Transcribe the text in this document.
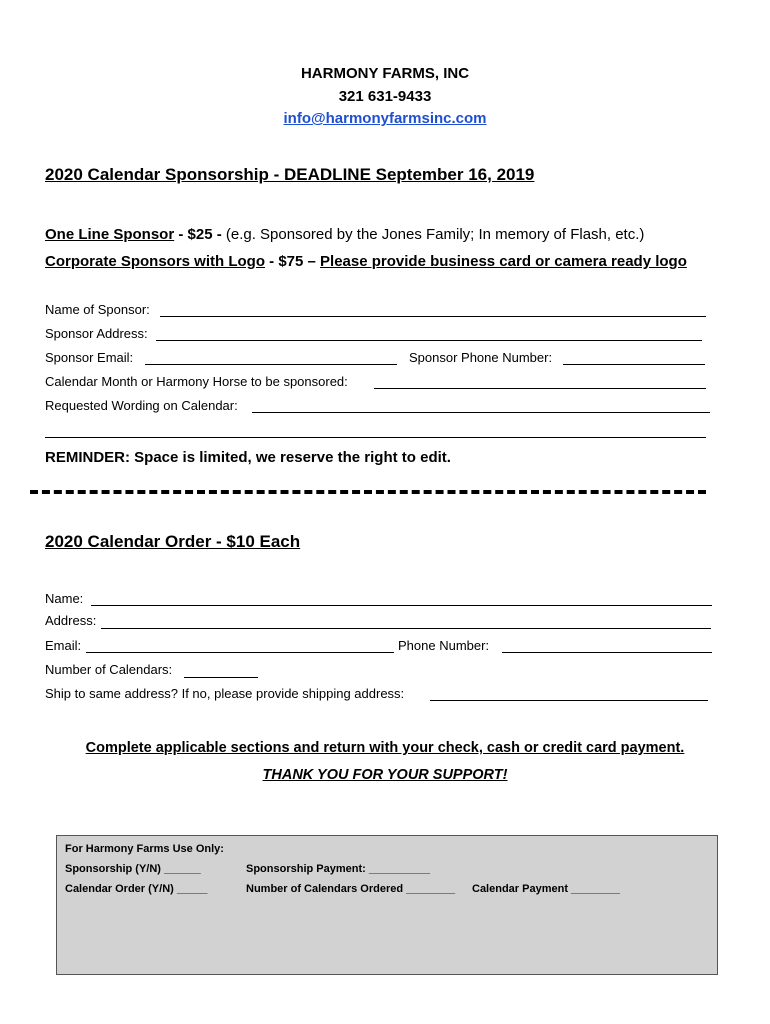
HARMONY FARMS, INC
321 631-9433
info@harmonyfarmsinc.com
2020 Calendar Sponsorship - DEADLINE September 16, 2019
One Line Sponsor - $25 - (e.g. Sponsored by the Jones Family; In memory of Flash, etc.)
Corporate Sponsors with Logo - $75 – Please provide business card or camera ready logo
Name of Sponsor:
Sponsor Address:
Sponsor Email:	Sponsor Phone Number:
Calendar Month or Harmony Horse to be sponsored:
Requested Wording on Calendar:
REMINDER: Space is limited, we reserve the right to edit.
2020 Calendar Order - $10 Each
Name:
Address:
Email:	Phone Number:
Number of Calendars:
Ship to same address? If no, please provide shipping address:
Complete applicable sections and return with your check, cash or credit card payment.
THANK YOU FOR YOUR SUPPORT!
For Harmony Farms Use Only:
Sponsorship (Y/N) ______	Sponsorship Payment: __________
Calendar Order (Y/N) _____	Number of Calendars Ordered ________ Calendar Payment ________
